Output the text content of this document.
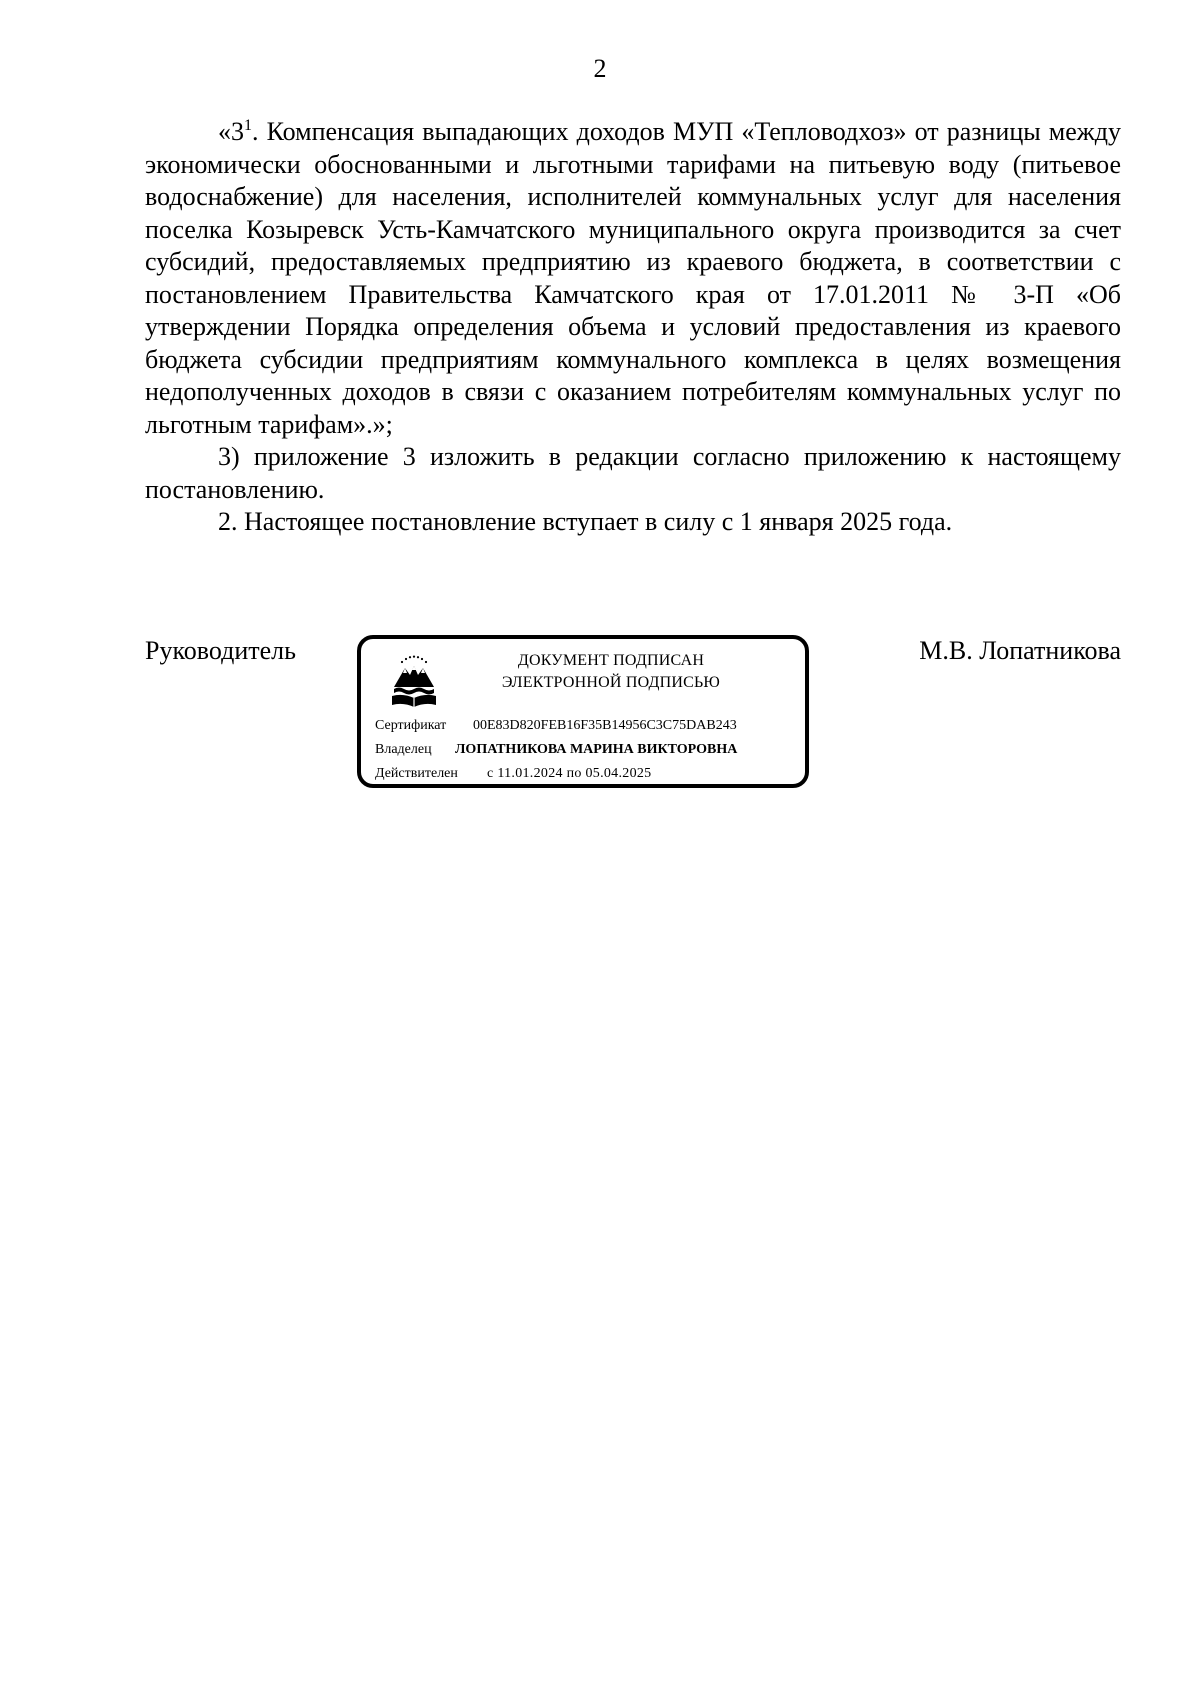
2

«$3^1$. Компенсация выпадающих доходов МУП «Тепловодхоз» от разницы между экономически обоснованными и льготными тарифами на питьевую воду (питьевое водоснабжение) для населения, исполнителей коммунальных услуг для населения поселка Козыревск Усть-Камчатского муниципального округа производится за счет субсидий, предоставляемых предприятию из краевого бюджета, в соответствии с постановлением Правительства Камчатского края от 17.01.2011 № 3-П «Об утверждении Порядка определения объема и условий предоставления из краевого бюджета субсидии предприятиям коммунального комплекса в целях возмещения недополученных доходов в связи с оказанием потребителям коммунальных услуг по льготным тарифам».»;

3) приложение 3 изложить в редакции согласно приложению к настоящему постановлению.

2. Настоящее постановление вступает в силу с 1 января 2025 года.

Руководитель	ДОКУМЕНТ ПОДПИСАН
ЭЛЕКТРОННОЙ ПОДПИСЬЮ
Сертификат 00E83D820FEB16F35B14956C3C75DAB243
Владелец ЛОПАТНИКОВА МАРИНА ВИКТОРОВНА
Действителен с 11.01.2024 по 05.04.2025
М.В. Лопатникова
